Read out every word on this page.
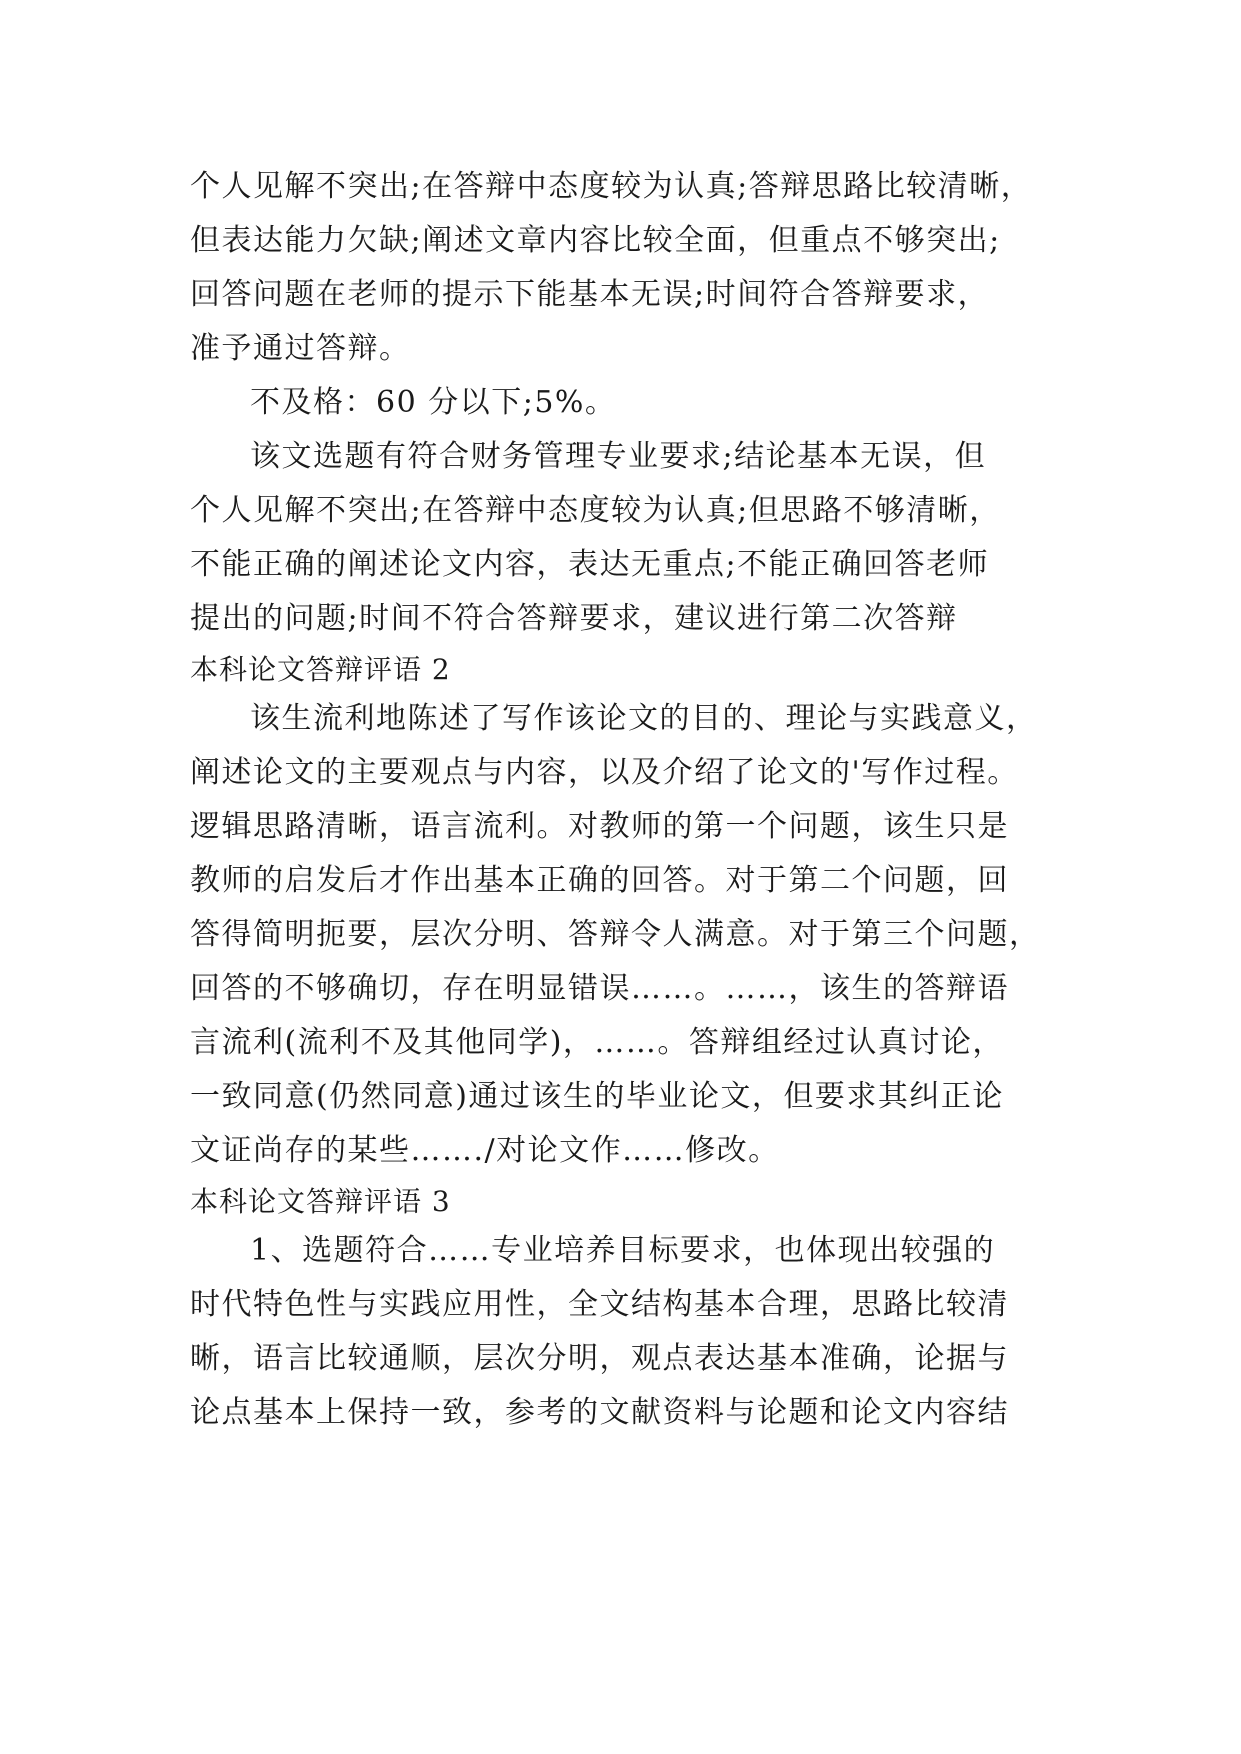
个人见解不突出;在答辩中态度较为认真;答辩思路比较清晰，
但表达能力欠缺;阐述文章内容比较全面，但重点不够突出;
回答问题在老师的提示下能基本无误;时间符合答辩要求，
准予通过答辩。
不及格：60 分以下;5%。
该文选题有符合财务管理专业要求;结论基本无误，但
个人见解不突出;在答辩中态度较为认真;但思路不够清晰，
不能正确的阐述论文内容，表达无重点;不能正确回答老师
提出的问题;时间不符合答辩要求，建议进行第二次答辩
本科论文答辩评语 2
该生流利地陈述了写作该论文的目的、理论与实践意义，
阐述论文的主要观点与内容，以及介绍了论文的'写作过程。
逻辑思路清晰，语言流利。对教师的第一个问题，该生只是
教师的启发后才作出基本正确的回答。对于第二个问题，回
答得简明扼要，层次分明、答辩令人满意。对于第三个问题，
回答的不够确切，存在明显错误……。……，该生的答辩语
言流利(流利不及其他同学)，……。答辩组经过认真讨论，
一致同意(仍然同意)通过该生的毕业论文，但要求其纠正论
文证尚存的某些……./对论文作……修改。
本科论文答辩评语 3
1、选题符合……专业培养目标要求，也体现出较强的
时代特色性与实践应用性，全文结构基本合理，思路比较清
晰，语言比较通顺，层次分明，观点表达基本准确，论据与
论点基本上保持一致，参考的文献资料与论题和论文内容结
